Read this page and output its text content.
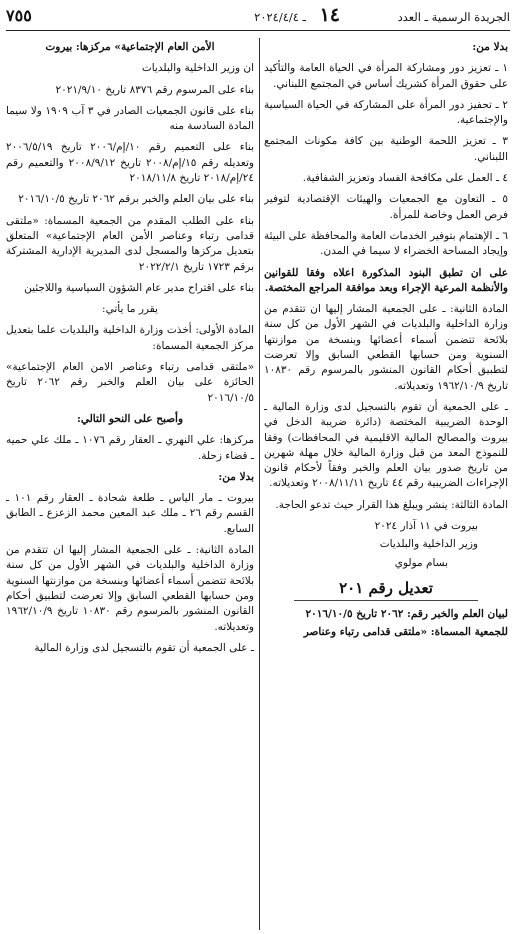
الجريدة الرسمية ـ العدد
١٤
ـ ٢٠٢٤/٤/٤
٧٥٥

بدلا من:

١ ـ تعزيز دور ومشاركة المرأة في الحياة العامة والتأكيد على حقوق المرأة كشريك أساس في المجتمع اللبناني.

٢ ـ تحفيز دور المرأة على المشاركة في الحياة السياسية والإجتماعية.

٣ ـ تعزيز اللحمة الوطنية بين كافة مكونات المجتمع اللبناني.

٤ ـ العمل على مكافحة الفساد وتعزيز الشفافية.

٥ ـ التعاون مع الجمعيات والهيئات الإقتصادية لتوفير فرص العمل وخاصة للمرأة.

٦ ـ الإهتمام بتوفير الخدمات العامة والمحافظة على البيئة وإيجاد المساحة الخضراء لا سيما في المدن.

على ان تطبق البنود المذكورة اعلاه وفقا للقوانين والأنظمة المرعية الإجراء وبعد موافقة المراجع المختصة.

المادة الثانية: ـ على الجمعية المشار إليها ان تتقدم من وزارة الداخلية والبلديات في الشهر الأول من كل سنة بلائحة تتضمن أسماء أعضائها وبنسخة من موازنتها السنوية ومن حسابها القطعي السابق وإلا تعرضت لتطبيق أحكام القانون المنشور بالمرسوم رقم ١٠٨٣٠ تاريخ ١٩٦٢/١٠/٩ وتعديلاته.

ـ على الجمعية أن تقوم بالتسجيل لدى وزارة المالية ـ الوحدة الضريبية المختصة (دائرة ضريبة الدخل في بيروت والمصالح المالية الاقليمية في المحافظات) وفقا للنموذج المعد من قبل وزارة المالية خلال مهلة شهرين من تاريخ صدور بيان العلم والخبر وفقاً لأحكام قانون الإجراءات الضريبية رقم ٤٤ تاريخ ٢٠٠٨/١١/١١ وتعديلاته.

المادة الثالثة: ينشر ويبلغ هذا القرار حيث تدعو الحاجة.

بيروت في ١١ آذار ٢٠٢٤

وزير الداخلية والبلديات

بسام مولوي

تعديل رقم ٢٠١

لبيان العلم والخبر رقم: ٢٠٦٢ تاريخ ٢٠١٦/١٠/٥

للجمعية المسماة: «ملتقى قدامى رتباء وعناصر

الأمن العام الإجتماعية» مركزها: بيروت

ان وزير الداخلية والبلديات

بناء على المرسوم رقم ٨٣٧٦ تاريخ ٢٠٢١/٩/١٠

بناء على قانون الجمعيات الصادر في ٣ آب ١٩٠٩ ولا سيما المادة السادسة منه

بناء على التعميم رقم ١٠/إم/٢٠٠٦ تاريخ ٢٠٠٦/٥/١٩ وتعديله رقم ١٥/إم/٢٠٠٨ تاريخ ٢٠٠٨/٩/١٢ والتعميم رقم ٢٤/إم/٢٠١٨ تاريخ ٢٠١٨/١١/٨

بناء على بيان العلم والخبر برقم ٢٠٦٢ تاريخ ٢٠١٦/١٠/٥

بناء على الطلب المقدم من الجمعية المسماة: «ملتقى قدامى رتباء وعناصر الأمن العام الإجتماعية» المتعلق بتعديل مركزها والمسجل لدى المديرية الإدارية المشتركة برقم ١٧٢٣ تاريخ ٢٠٢٢/٢/١

بناء على اقتراح مدير عام الشؤون السياسية واللاجئين

يقرر ما يأتي:

المادة الأولى: أخذت وزارة الداخلية والبلديات علما بتعديل مركز الجمعية المسماة:

«ملتقى قدامى رتباء وعناصر الامن العام الإجتماعية» الحائزة على بيان العلم والخبر رقم ٢٠٦٢ تاريخ ٢٠١٦/١٠/٥

وأصبح على النحو التالي:

مركزها: علي النهري ـ العقار رقم ١٠٧٦ ـ ملك علي حميه ـ قضاء زحلة.

بدلا من:

بيروت ـ مار الياس ـ طلعة شحادة ـ العقار رقم ١٠١ ـ القسم رقم ٢٦ ـ ملك عبد المعين محمد الزعزع ـ الطابق السابع.

المادة الثانية: ـ على الجمعية المشار إليها ان تتقدم من وزارة الداخلية والبلديات في الشهر الأول من كل سنة بلائحة تتضمن أسماء أعضائها وبنسخة من موازنتها السنوية ومن حسابها القطعي السابق وإلا تعرضت لتطبيق أحكام القانون المنشور بالمرسوم رقم ١٠٨٣٠ تاريخ ١٩٦٢/١٠/٩ وتعديلاته.

ـ على الجمعية أن تقوم بالتسجيل لدى وزارة المالية
